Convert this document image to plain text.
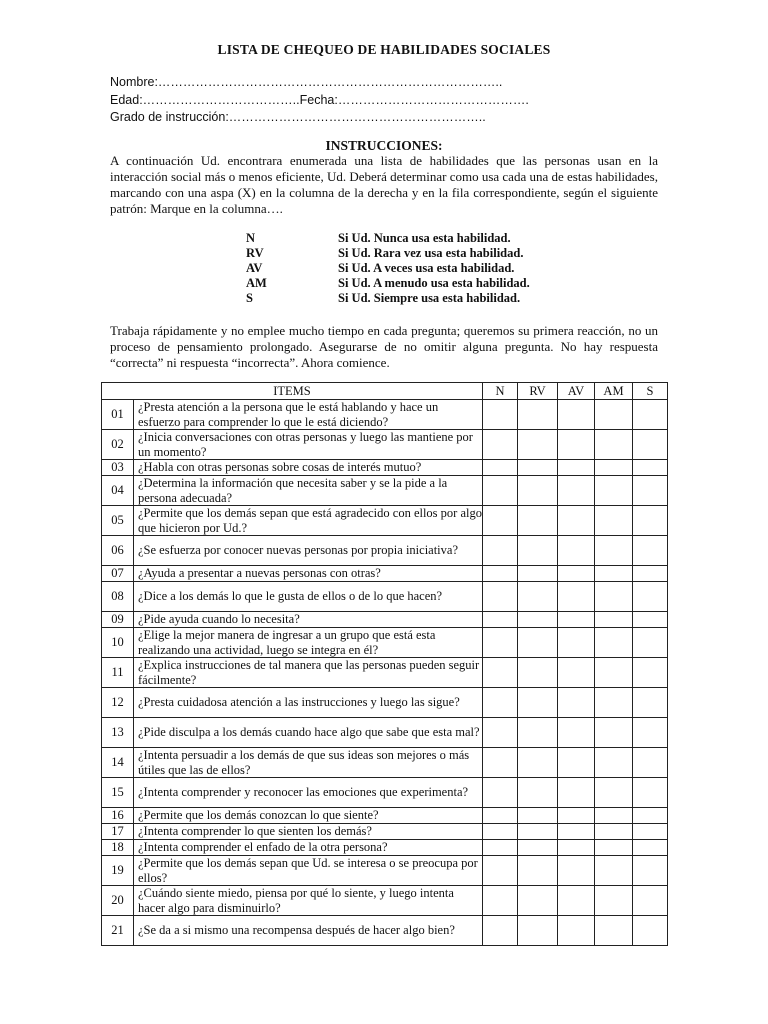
LISTA DE CHEQUEO DE HABILIDADES SOCIALES
Nombre:………………………………………………………………………..
Edad:………………………………..Fecha:……………………………………….
Grado de instrucción:……………………………………………………..
INSTRUCCIONES:
A continuación Ud. encontrara enumerada una lista de habilidades que las personas usan en la interacción social más o menos eficiente, Ud. Deberá determinar como usa cada una de estas habilidades, marcando con una aspa (X) en la columna de la derecha y en la fila correspondiente, según el siguiente patrón: Marque en la columna….
N	Si Ud. Nunca usa esta habilidad.
RV	Si Ud. Rara vez usa esta habilidad.
AV	Si Ud. A veces usa esta habilidad.
AM	Si Ud. A menudo usa esta habilidad.
S	Si Ud. Siempre usa esta habilidad.
Trabaja rápidamente y no emplee mucho tiempo en cada pregunta; queremos su primera reacción, no un proceso de pensamiento prolongado. Asegurarse de no omitir alguna pregunta. No hay respuesta “correcta” ni respuesta “incorrecta”. Ahora comience.
ITEMS		N	RV	AV	AM	S
01	¿Presta atención a la persona que le está hablando y hace un esfuerzo para comprender lo que le está diciendo?					
02	¿Inicia conversaciones con otras personas y luego las mantiene por un momento?					
03	¿Habla con otras personas sobre cosas de interés mutuo?					
04	¿Determina la información que necesita saber y se la pide a la persona adecuada?					
05	¿Permite que los demás sepan que está agradecido con ellos por algo que hicieron por Ud.?					
06	¿Se esfuerza por conocer nuevas personas por propia iniciativa?					
07	¿Ayuda a presentar a nuevas personas con otras?					
08	¿Dice a los demás lo que le gusta de ellos o de lo que hacen?					
09	¿Pide ayuda cuando lo necesita?					
10	¿Elige la mejor manera de ingresar a un grupo que está esta realizando una actividad, luego se integra en él?					
11	¿Explica instrucciones de tal manera que las personas pueden seguir fácilmente?					
12	¿Presta cuidadosa atención a las instrucciones y luego las sigue?					
13	¿Pide disculpa a los demás cuando hace algo que sabe que esta mal?					
14	¿Intenta persuadir a los demás de que sus ideas son mejores o más útiles que las de ellos?					
15	¿Intenta comprender y reconocer las emociones que experimenta?					
16	¿Permite que los demás conozcan lo que siente?					
17	¿Intenta comprender lo que sienten los demás?					
18	¿Intenta comprender el enfado de la otra persona?					
19	¿Permite que los demás sepan que Ud. se interesa o se preocupa por ellos?					
20	¿Cuándo siente miedo, piensa por qué lo siente, y luego intenta hacer algo para disminuirlo?					
21	¿Se da a si mismo una recompensa después de hacer algo bien?					
